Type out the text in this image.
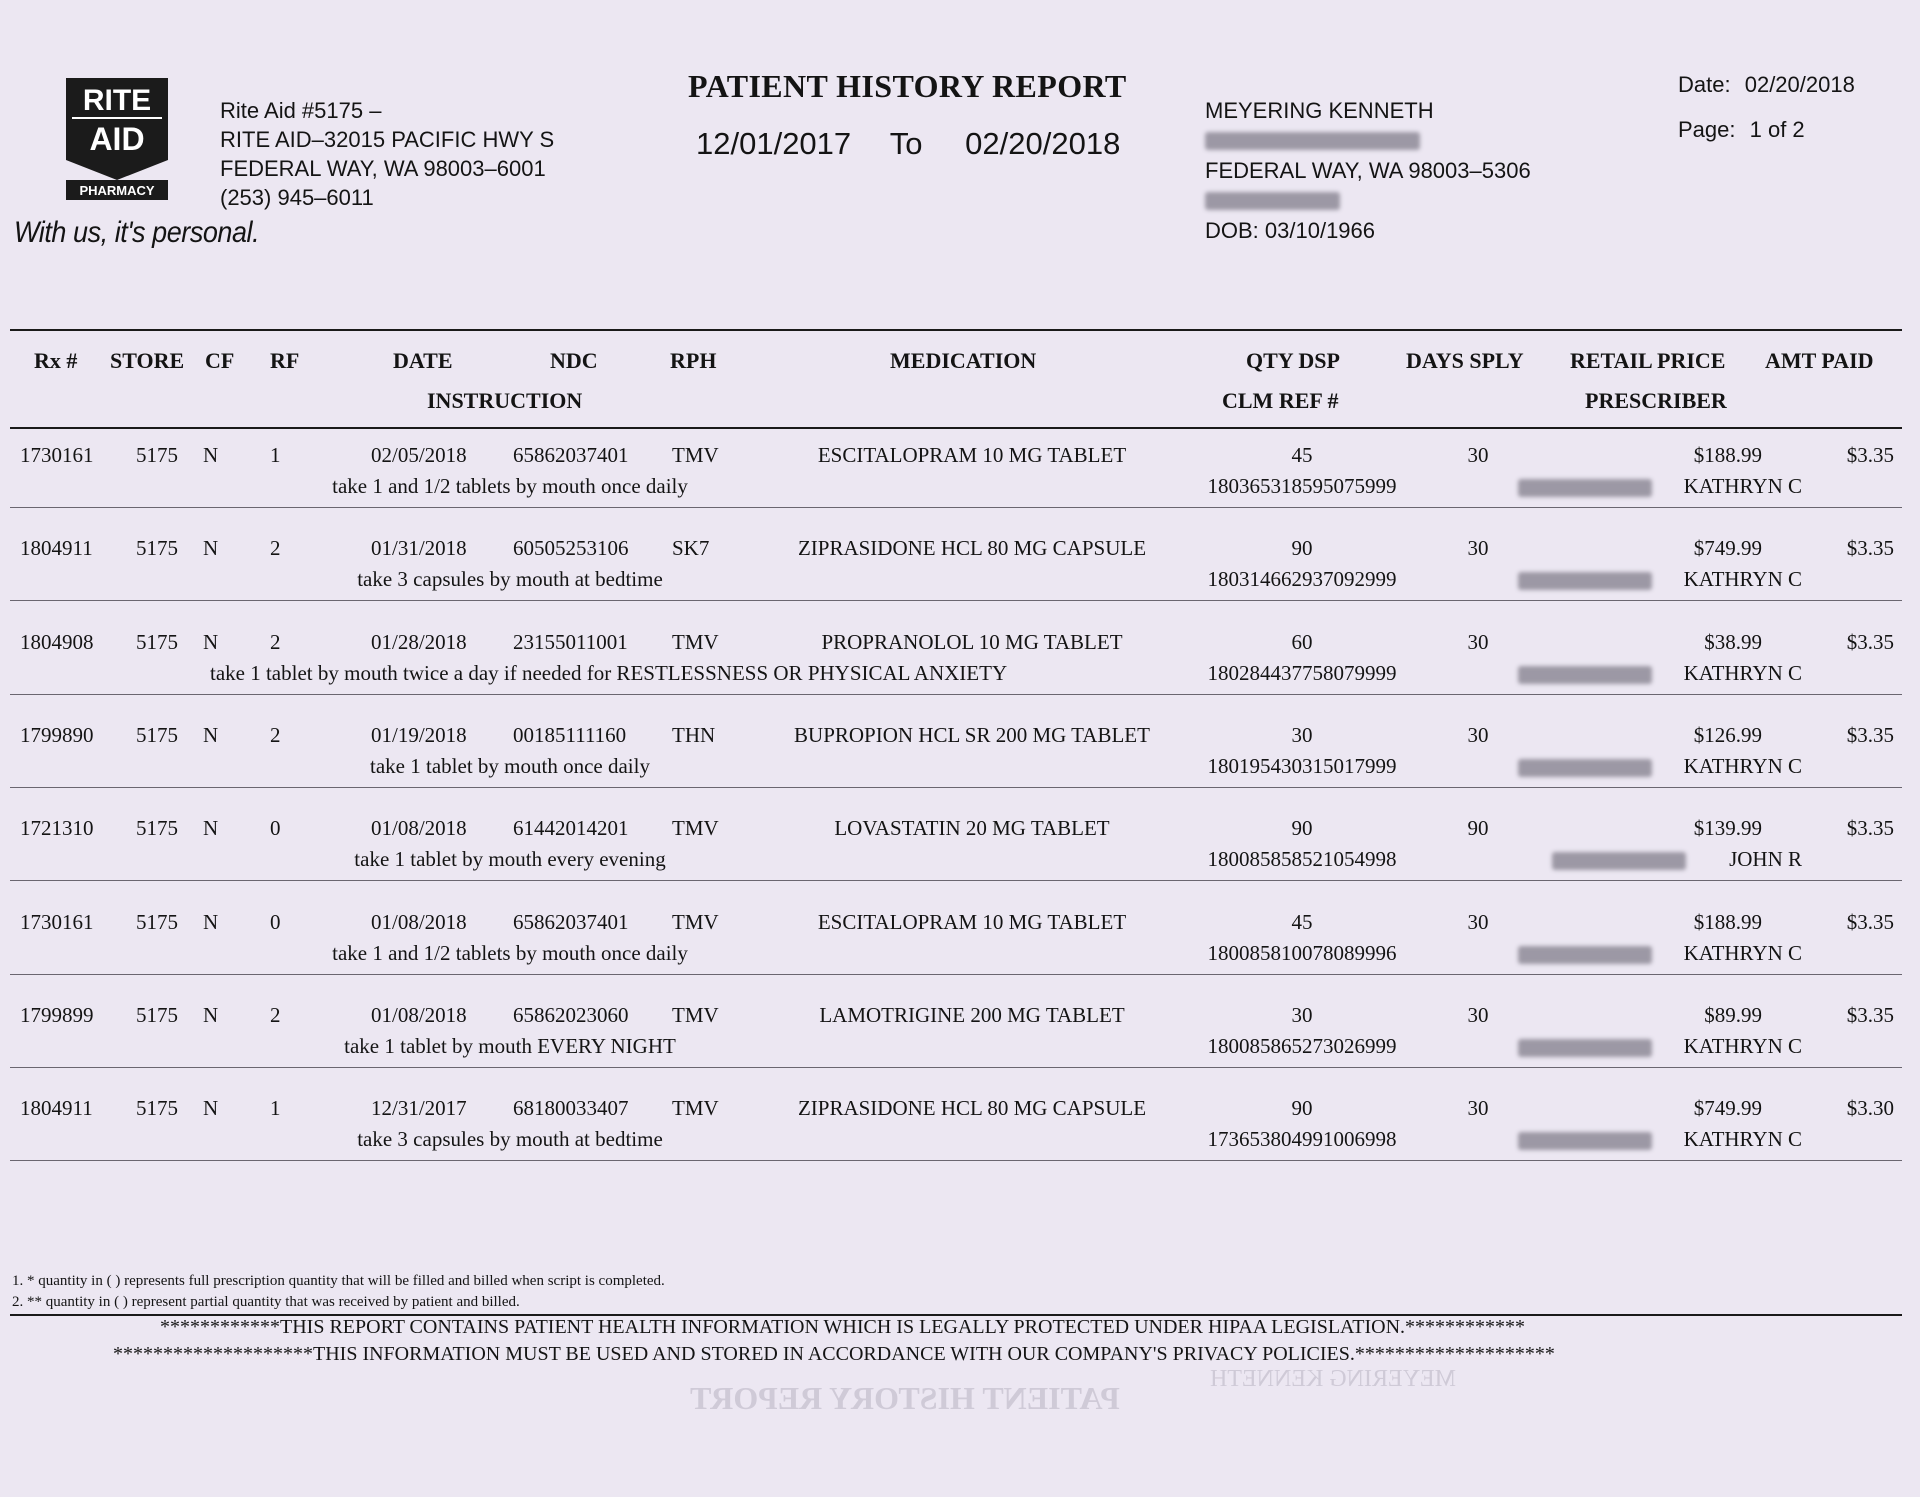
PATIENT HISTORY REPORT
MEYERING KENNETH
RITE
AID
PHARMACY
With us, it's personal.
Rite Aid #5175 –
RITE AID–32015 PACIFIC HWY S
FEDERAL WAY, WA 98003–6001
(253) 945–6011
PATIENT HISTORY REPORT
12/01/2017 To 02/20/2018
MEYERING KENNETH
FEDERAL WAY, WA 98003–5306
DOB: 03/10/1966
Date: 02/20/2018
Page: 1 of 2
Rx # STORE CF RF	DATE	NDC	RPH	MEDICATION	QTY DSP	DAYS SPLY RETAIL PRICE AMT PAID
INSTRUCTION	CLM REF #	PRESCRIBER
1730161 5175 N 1	02/05/2018 65862037401 TMV	ESCITALOPRAM 10 MG TABLET	45	30	$188.99	$3.35
take 1 and 1/2 tablets by mouth once daily	180365318595075999	KATHRYN C
1804911 5175 N 2	01/31/2018 60505253106 SK7	ZIPRASIDONE HCL 80 MG CAPSULE	90	30	$749.99	$3.35
take 3 capsules by mouth at bedtime	180314662937092999	KATHRYN C
1804908 5175 N 2	01/28/2018 23155011001 TMV	PROPRANOLOL 10 MG TABLET	60	30	$38.99	$3.35
take 1 tablet by mouth twice a day if needed for RESTLESSNESS OR PHYSICAL ANXIETY	180284437758079999	KATHRYN C
1799890 5175 N 2	01/19/2018 00185111160 THN	BUPROPION HCL SR 200 MG TABLET	30	30	$126.99	$3.35
take 1 tablet by mouth once daily	180195430315017999	KATHRYN C
1721310 5175 N 0	01/08/2018 61442014201 TMV	LOVASTATIN 20 MG TABLET	90	90	$139.99	$3.35
take 1 tablet by mouth every evening	180085858521054998	JOHN R
1730161 5175 N 0	01/08/2018 65862037401 TMV	ESCITALOPRAM 10 MG TABLET	45	30	$188.99	$3.35
take 1 and 1/2 tablets by mouth once daily	180085810078089996	KATHRYN C
1799899 5175 N 2	01/08/2018 65862023060 TMV	LAMOTRIGINE 200 MG TABLET	30	30	$89.99	$3.35
take 1 tablet by mouth EVERY NIGHT	180085865273026999	KATHRYN C
1804911 5175 N 1	12/31/2017 68180033407 TMV	ZIPRASIDONE HCL 80 MG CAPSULE	90	30	$749.99	$3.30
take 3 capsules by mouth at bedtime	173653804991006998	KATHRYN C
1. * quantity in ( ) represents full prescription quantity that will be filled and billed when script is completed.
2. ** quantity in ( ) represent partial quantity that was received by patient and billed.
************THIS REPORT CONTAINS PATIENT HEALTH INFORMATION WHICH IS LEGALLY PROTECTED UNDER HIPAA LEGISLATION.************
********************THIS INFORMATION MUST BE USED AND STORED IN ACCORDANCE WITH OUR COMPANY'S PRIVACY POLICIES.********************
